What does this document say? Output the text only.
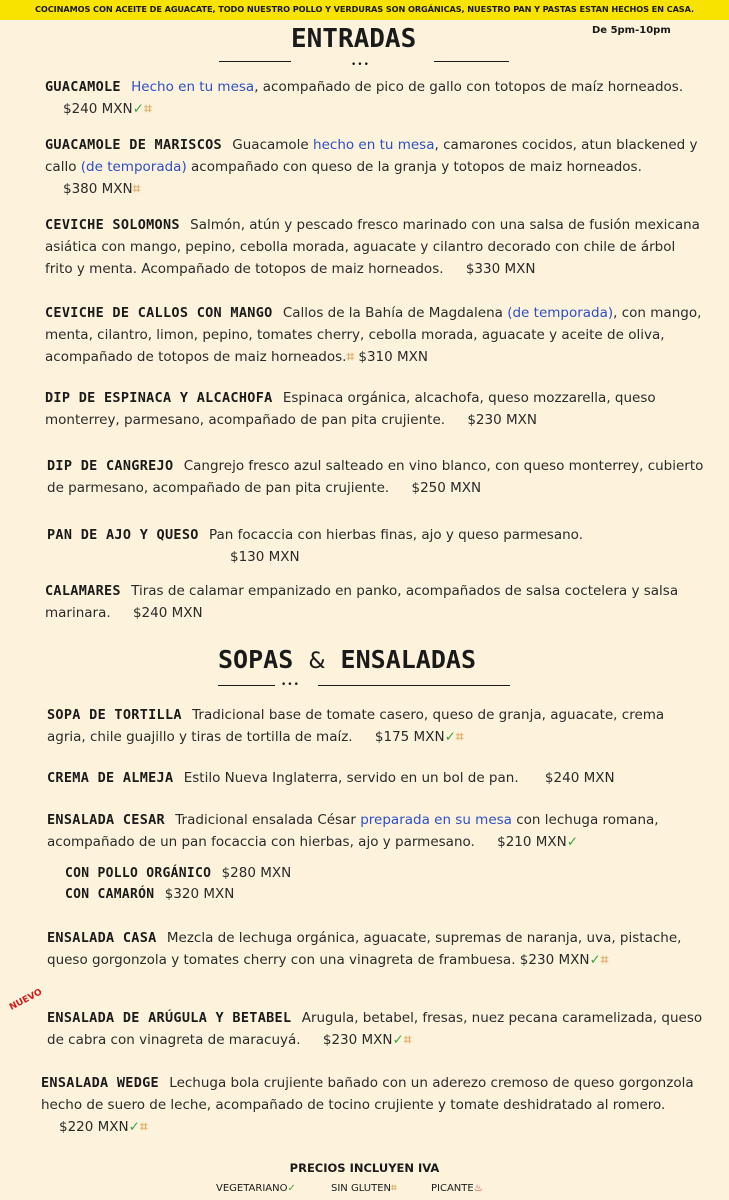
COCINAMOS CON ACEITE DE AGUACATE, TODO NUESTRO POLLO Y VERDURAS SON ORGÁNICAS, NUESTRO PAN Y PASTAS ESTAN HECHOS EN CASA.
De 5pm-10pm
ENTRADAS
•••
GUACAMOLE Hecho en tu mesa, acompañado de pico de gallo con totopos de maíz horneados. $240 MXN✓⌗
GUACAMOLE DE MARISCOS Guacamole hecho en tu mesa, camarones cocidos, atun blackened y callo (de temporada) acompañado con queso de la granja y totopos de maiz horneados. $380 MXN⌗
CEVICHE SOLOMONS Salmón, atún y pescado fresco marinado con una salsa de fusión mexicana asiática con mango, pepino, cebolla morada, aguacate y cilantro decorado con chile de árbol frito y menta. Acompañado de totopos de maiz horneados. $330 MXN
CEVICHE DE CALLOS CON MANGO Callos de la Bahía de Magdalena (de temporada), con mango, menta, cilantro, limon, pepino, tomates cherry, cebolla morada, aguacate y aceite de oliva, acompañado de totopos de maiz horneados.⌗ $310 MXN
DIP DE ESPINACA Y ALCACHOFA Espinaca orgánica, alcachofa, queso mozzarella, queso monterrey, parmesano, acompañado de pan pita crujiente. $230 MXN
DIP DE CANGREJO Cangrejo fresco azul salteado en vino blanco, con queso monterrey, cubierto de parmesano, acompañado de pan pita crujiente. $250 MXN
PAN DE AJO Y QUESO Pan focaccia con hierbas finas, ajo y queso parmesano.
$130 MXN
CALAMARES Tiras de calamar empanizado en panko, acompañados de salsa coctelera y salsa marinara. $240 MXN
SOPAS & ENSALADAS
•••
SOPA DE TORTILLA Tradicional base de tomate casero, queso de granja, aguacate, crema agria, chile guajillo y tiras de tortilla de maíz. $175 MXN✓⌗
CREMA DE ALMEJA Estilo Nueva Inglaterra, servido en un bol de pan. $240 MXN
ENSALADA CESAR Tradicional ensalada César preparada en su mesa con lechuga romana, acompañado de un pan focaccia con hierbas, ajo y parmesano. $210 MXN✓
CON POLLO ORGÁNICO $280 MXN
CON CAMARÓN $320 MXN
ENSALADA CASA Mezcla de lechuga orgánica, aguacate, supremas de naranja, uva, pistache, queso gorgonzola y tomates cherry con una vinagreta de frambuesa. $230 MXN✓⌗
NUEVO
ENSALADA DE ARÚGULA Y BETABEL Arugula, betabel, fresas, nuez pecana caramelizada, queso de cabra con vinagreta de maracuyá. $230 MXN✓⌗
ENSALADA WEDGE Lechuga bola crujiente bañado con un aderezo cremoso de queso gorgonzola hecho de suero de leche, acompañado de tocino crujiente y tomate deshidratado al romero. $220 MXN✓⌗
PRECIOS INCLUYEN IVA
VEGETARIANO✓	SIN GLUTEN⌗	PICANTE♨
